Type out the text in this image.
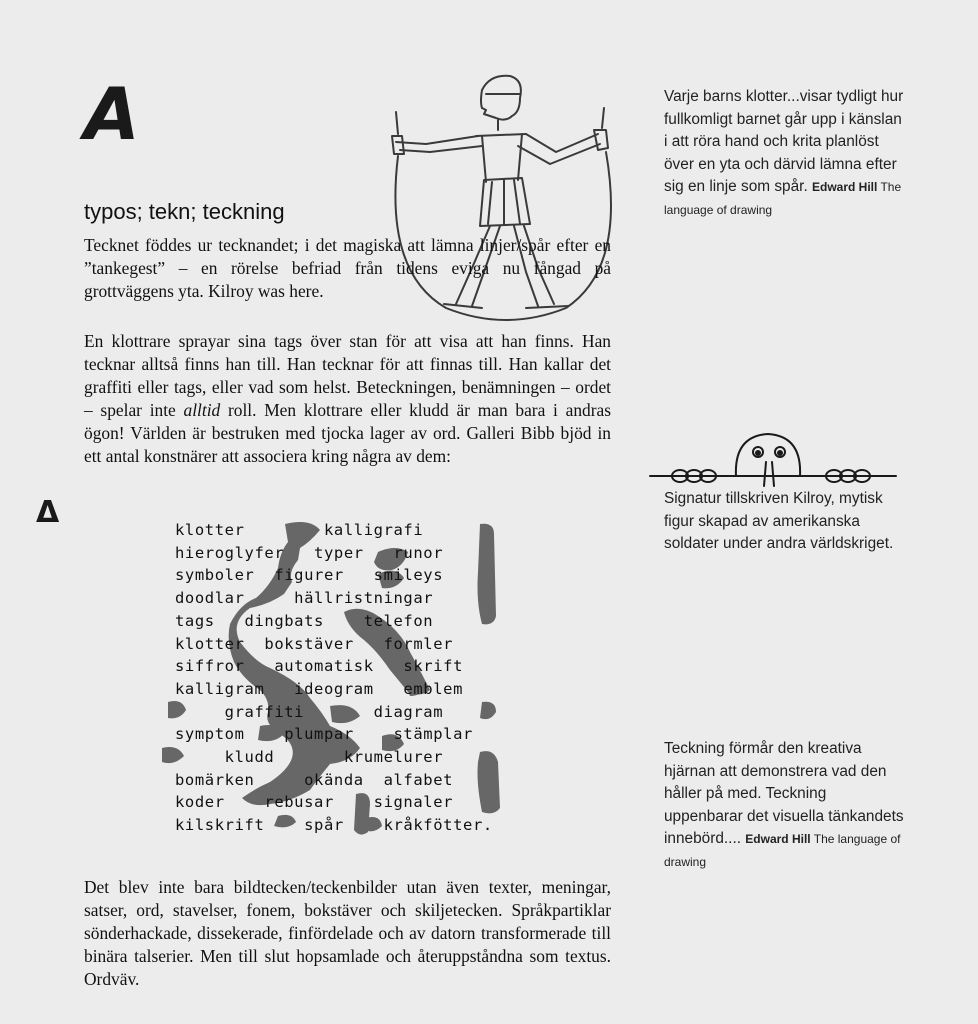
A
Δ
typos; tekn; teckning

Tecknet föddes ur tecknandet; i det magiska att lämna linjer/spår efter en ”tankegest” – en rörelse befriad från tidens eviga nu fångad på grottväggens yta. Kilroy was here.

En klottrare sprayar sina tags över stan för att visa att han finns. Han tecknar alltså finns han till. Han tecknar för att finnas till. Han kallar det graffiti eller tags, eller vad som helst. Beteckningen, benämningen – ordet – spelar inte alltid roll. Men klottrare eller kludd är man bara i andras ögon! Världen är bestruken med tjocka lager av ord. Galleri Bibb bjöd in ett antal konstnärer att associera kring några av dem:

klotter        kalligrafi
hieroglyfer   typer   runor
symboler  figurer   smileys
doodlar     hällristningar
tags   dingbats    telefon
klotter  bokstäver   formler
siffror   automatisk   skrift
kalligram   ideogram   emblem
graffiti       diagram
symptom    plumpar    stämplar
kludd       krumelurer
bomärken     okända  alfabet
koder    rebusar    signaler
kilskrift    spår    kråkfötter.

Det blev inte bara bildtecken/teckenbilder utan även texter, meningar, satser, ord, stavelser, fonem, bokstäver och skiljetecken. Språkpartiklar sönderhackade, dissekerade, finfördelade och av datorn transformerade till binära talserier. Men till slut hopsamlade och återuppståndna som textus. Ordväv.

Varje barns klotter...visar tydligt hur fullkomligt barnet går upp i känslan i att röra hand och krita planlöst över en yta och därvid lämna efter sig en linje som spår. Edward Hill The language of drawing

Signatur tillskriven Kilroy, mytisk figur skapad av amerikanska soldater under andra världskriget.

Teckning förmår den kreativa hjärnan att demonstrera vad den håller på med. Teckning uppenbarar det visuella tänkandets innebörd.... Edward Hill The language of drawing
